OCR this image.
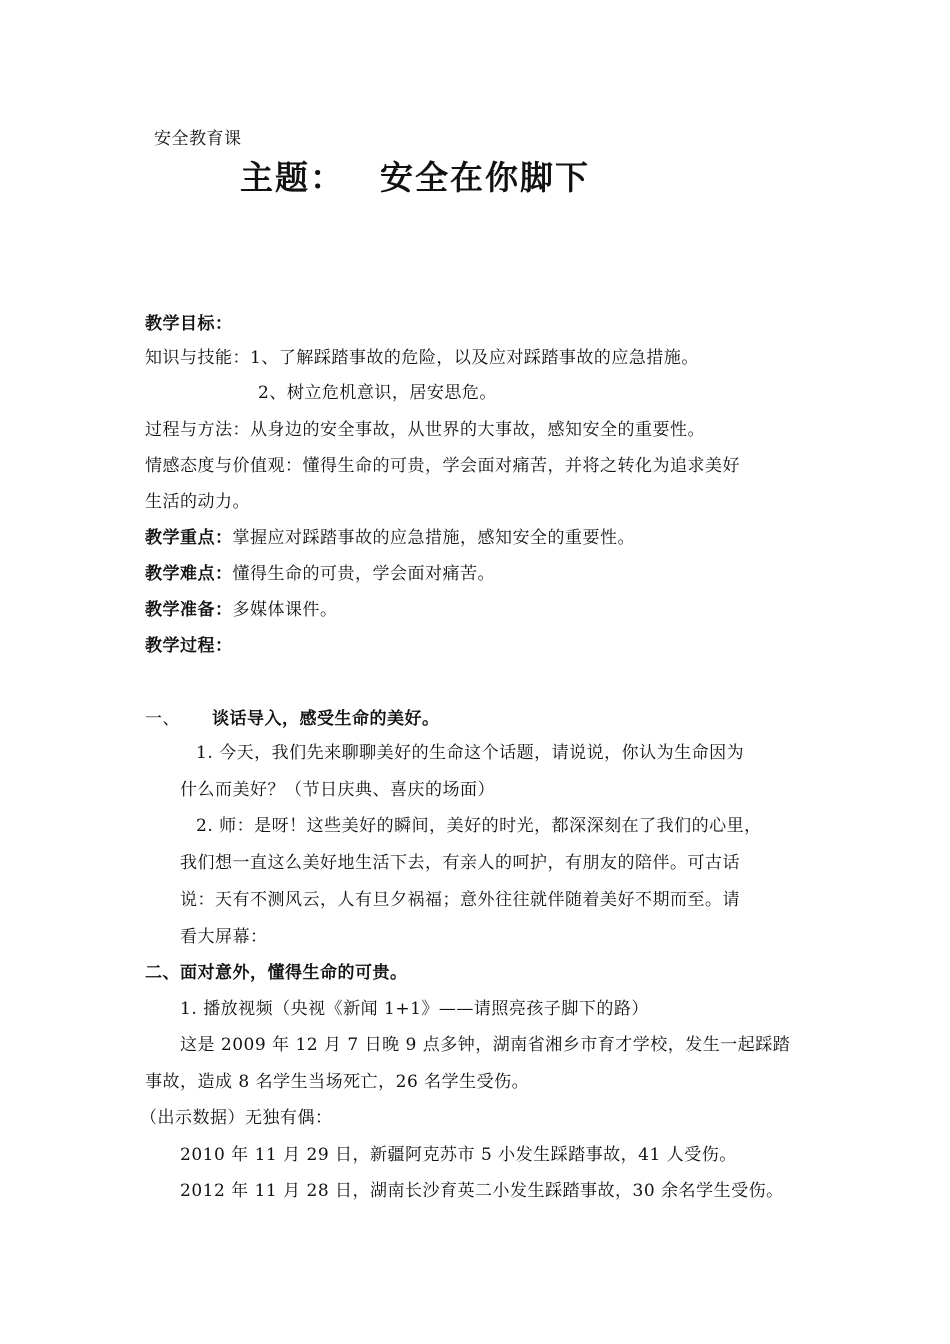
安全教育课
主题： 安全在你脚下
教学目标：
知识与技能：1、了解踩踏事故的危险，以及应对踩踏事故的应急措施。
2、树立危机意识，居安思危。
过程与方法：从身边的安全事故，从世界的大事故，感知安全的重要性。
情感态度与价值观：懂得生命的可贵，学会面对痛苦，并将之转化为追求美好
生活的动力。
教学重点：掌握应对踩踏事故的应急措施，感知安全的重要性。
教学难点：懂得生命的可贵，学会面对痛苦。
教学准备：多媒体课件。
教学过程：
一、 谈话导入，感受生命的美好。
1. 今天，我们先来聊聊美好的生命这个话题，请说说，你认为生命因为
什么而美好？（节日庆典、喜庆的场面）
2. 师：是呀！这些美好的瞬间，美好的时光，都深深刻在了我们的心里，
我们想一直这么美好地生活下去，有亲人的呵护，有朋友的陪伴。可古话
说：天有不测风云，人有旦夕祸福；意外往往就伴随着美好不期而至。请
看大屏幕：
二、面对意外，懂得生命的可贵。
1. 播放视频（央视《新闻 1+1》——请照亮孩子脚下的路）
这是 2009 年 12 月 7 日晚 9 点多钟，湖南省湘乡市育才学校，发生一起踩踏
事故，造成 8 名学生当场死亡，26 名学生受伤。
（出示数据）无独有偶：
2010 年 11 月 29 日，新疆阿克苏市 5 小发生踩踏事故，41 人受伤。
2012 年 11 月 28 日，湖南长沙育英二小发生踩踏事故，30 余名学生受伤。
